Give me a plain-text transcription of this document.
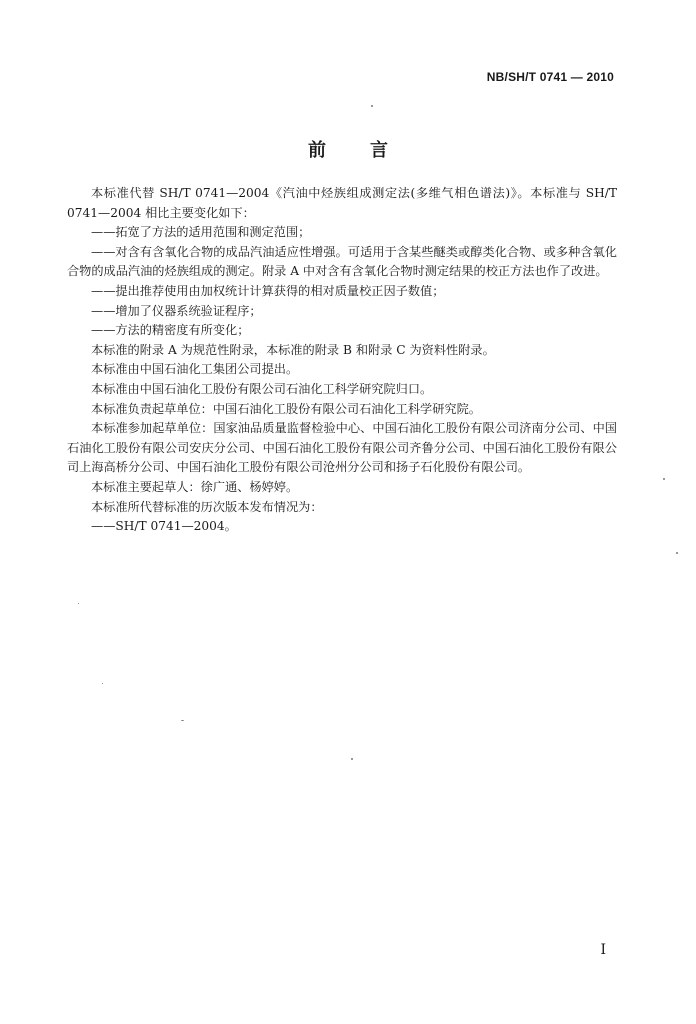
NB/SH/T 0741 — 2010
前言

本标准代替 SH/T 0741—2004《汽油中烃族组成测定法(多维气相色谱法)》。本标准与 SH/T 0741—2004 相比主要变化如下：

——拓宽了方法的适用范围和测定范围；

——对含有含氧化合物的成品汽油适应性增强。可适用于含某些醚类或醇类化合物、或多种含氧化合物的成品汽油的烃族组成的测定。附录 A 中对含有含氧化合物时测定结果的校正方法也作了改进。

——提出推荐使用由加权统计计算获得的相对质量校正因子数值；

——增加了仪器系统验证程序；

——方法的精密度有所变化；

本标准的附录 A 为规范性附录，本标准的附录 B 和附录 C 为资料性附录。

本标准由中国石油化工集团公司提出。

本标准由中国石油化工股份有限公司石油化工科学研究院归口。

本标准负责起草单位：中国石油化工股份有限公司石油化工科学研究院。

本标准参加起草单位：国家油品质量监督检验中心、中国石油化工股份有限公司济南分公司、中国石油化工股份有限公司安庆分公司、中国石油化工股份有限公司齐鲁分公司、中国石油化工股份有限公司上海高桥分公司、中国石油化工股份有限公司沧州分公司和扬子石化股份有限公司。

本标准主要起草人：徐广通、杨婷婷。

本标准所代替标准的历次版本发布情况为：

——SH/T 0741—2004。

I
